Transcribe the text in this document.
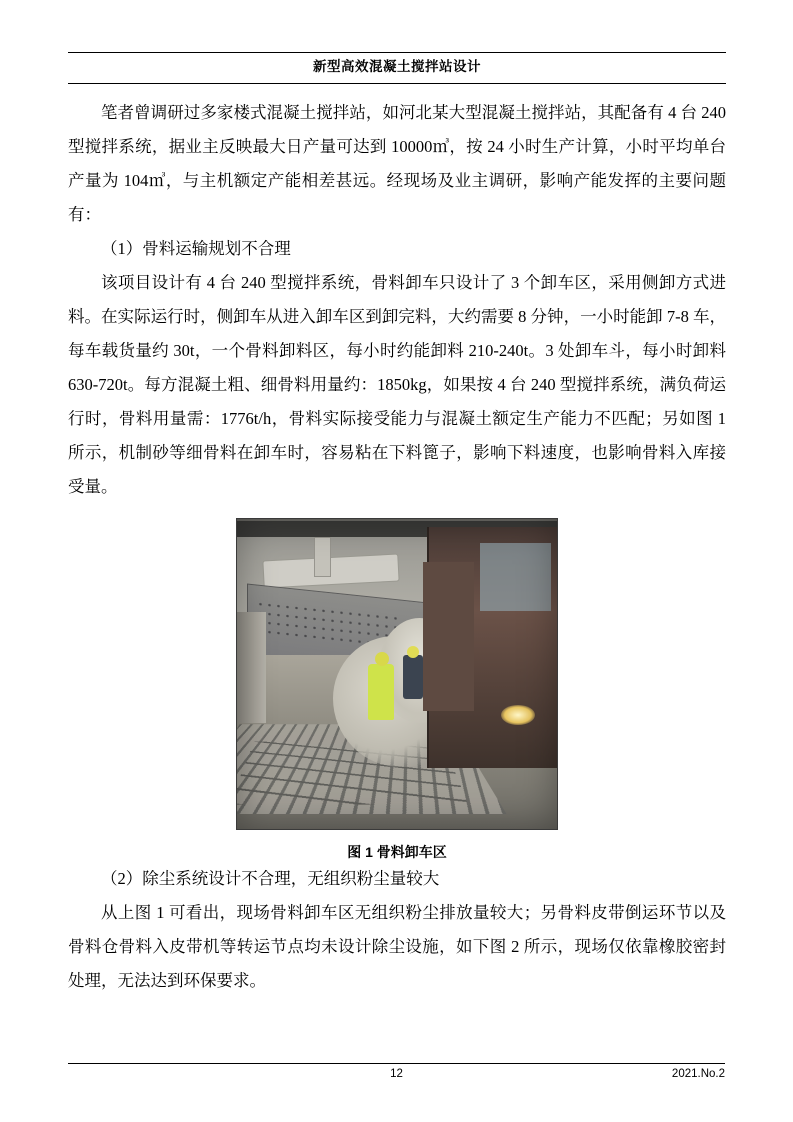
新型高效混凝土搅拌站设计

笔者曾调研过多家楼式混凝土搅拌站，如河北某大型混凝土搅拌站，其配备有 4 台 240 型搅拌系统，据业主反映最大日产量可达到 10000㎥，按 24 小时生产计算，小时平均单台产量为 104㎥，与主机额定产能相差甚远。经现场及业主调研，影响产能发挥的主要问题有：

（1）骨料运输规划不合理

该项目设计有 4 台 240 型搅拌系统，骨料卸车只设计了 3 个卸车区，采用侧卸方式进料。在实际运行时，侧卸车从进入卸车区到卸完料，大约需要 8 分钟，一小时能卸 7-8 车，每车载货量约 30t，一个骨料卸料区，每小时约能卸料 210-240t。3 处卸车斗，每小时卸料 630-720t。每方混凝土粗、细骨料用量约：1850kg，如果按 4 台 240 型搅拌系统，满负荷运行时，骨料用量需：1776t/h，骨料实际接受能力与混凝土额定生产能力不匹配；另如图 1 所示，机制砂等细骨料在卸车时，容易粘在下料篦子，影响下料速度，也影响骨料入库接受量。

图 1 骨料卸车区

（2）除尘系统设计不合理，无组织粉尘量较大

从上图 1 可看出，现场骨料卸车区无组织粉尘排放量较大；另骨料皮带倒运环节以及骨料仓骨料入皮带机等转运节点均未设计除尘设施，如下图 2 所示，现场仅依靠橡胶密封处理，无法达到环保要求。

12	2021.No.2
